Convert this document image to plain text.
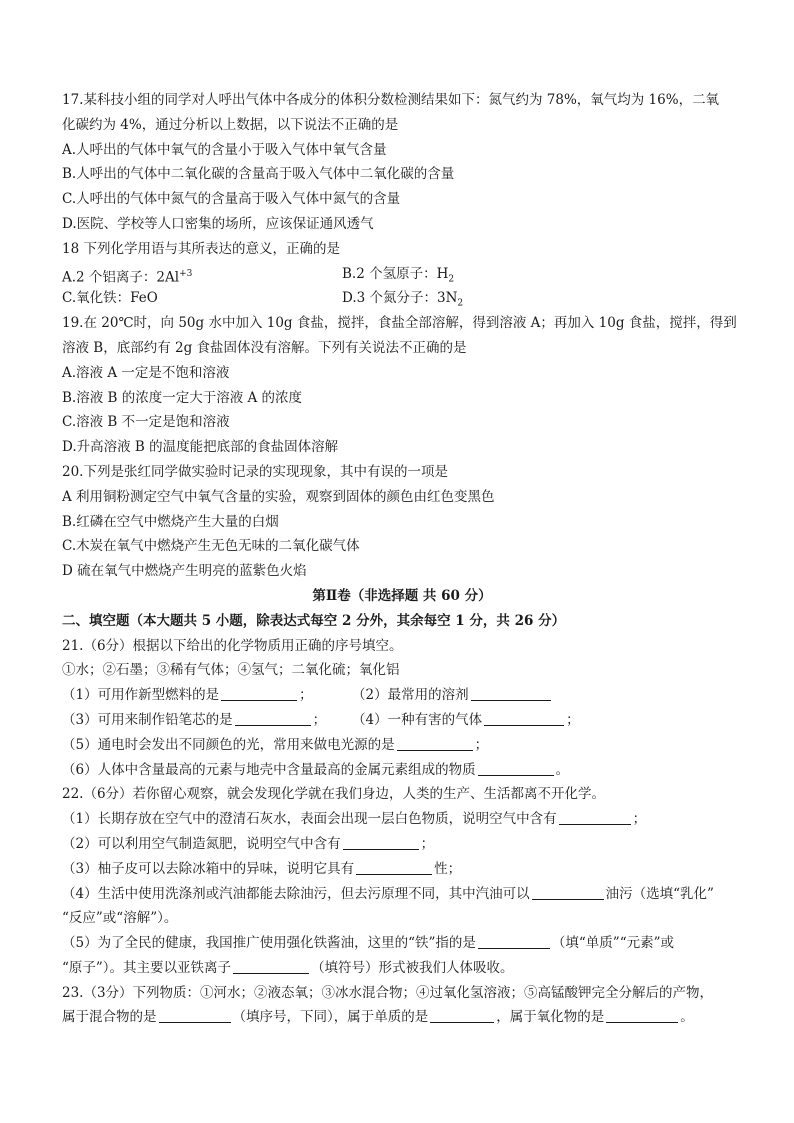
17.某科技小组的同学对人呼出气体中各成分的体积分数检测结果如下：氮气约为 78%，氧气均为 16%，二氧
化碳约为 4%，通过分析以上数据，以下说法不正确的是
A.人呼出的气体中氧气的含量小于吸入气体中氧气含量
B.人呼出的气体中二氧化碳的含量高于吸入气体中二氧化碳的含量
C.人呼出的气体中氮气的含量高于吸入气体中氮气的含量
D.医院、学校等人口密集的场所，应该保证通风透气
18 下列化学用语与其所表达的意义，正确的是
A.2 个铝离子：$2Al^{+3}$	B.2 个氢原子：$H_2$
C.氧化铁：FeO	D.3 个氮分子：$3N_2$
19.在 20℃时，向 50g 水中加入 10g 食盐，搅拌，食盐全部溶解，得到溶液 A；再加入 10g 食盐，搅拌，得到
溶液 B，底部约有 2g 食盐固体没有溶解。下列有关说法不正确的是
A.溶液 A 一定是不饱和溶液
B.溶液 B 的浓度一定大于溶液 A 的浓度
C.溶液 B 不一定是饱和溶液
D.升高溶液 B 的温度能把底部的食盐固体溶解
20.下列是张红同学做实验时记录的实现现象，其中有误的一项是
A 利用铜粉测定空气中氧气含量的实验，观察到固体的颜色由红色变黑色
B.红磷在空气中燃烧产生大量的白烟
C.木炭在氧气中燃烧产生无色无味的二氧化碳气体
D 硫在氧气中燃烧产生明亮的蓝紫色火焰
第Ⅱ卷（非选择题 共 60 分）
二、填空题（本大题共 5 小题，除表达式每空 2 分外，其余每空 1 分，共 26 分）
21.（6分）根据以下给出的化学物质用正确的序号填空。
①水；②石墨；③稀有气体；④氢气；二氧化硫；氧化铝
（1）可用作新型燃料的是	；	（2）最常用的溶剂
（3）可用来制作铅笔芯的是	； （4）一种有害的气体	；
（5）通电时会发出不同颜色的光，常用来做电光源的是	；
（6）人体中含量最高的元素与地壳中含量最高的金属元素组成的物质	。
22.（6分）若你留心观察，就会发现化学就在我们身边，人类的生产、生活都离不开化学。
（1）长期存放在空气中的澄清石灰水，表面会出现一层白色物质，说明空气中含有	；
（2）可以利用空气制造氮肥，说明空气中含有	；
（3）柚子皮可以去除冰箱中的异味，说明它具有	性；
（4）生活中使用洗涤剂或汽油都能去除油污，但去污原理不同，其中汽油可以	油污（选填“乳化”
“反应”或“溶解”）。
（5）为了全民的健康，我国推广使用强化铁酱油，这里的“铁”指的是	（填“单质”“元素”或
“原子”）。其主要以亚铁离子	（填符号）形式被我们人体吸收。
23.（3分）下列物质：①河水；②液态氧；③冰水混合物；④过氧化氢溶液；⑤高锰酸钾完全分解后的产物，
属于混合物的是	（填序号，下同），属于单质的是	，属于氧化物的是	。
